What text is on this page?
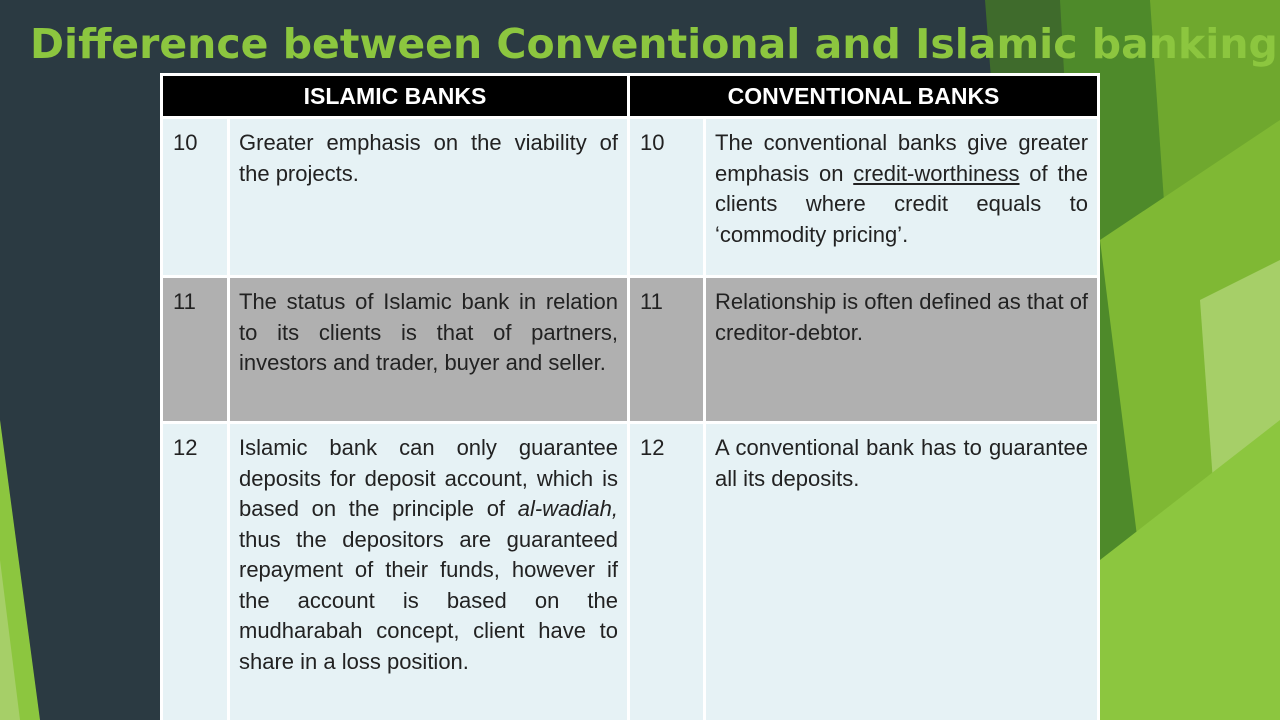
Difference between Conventional and Islamic banking
ISLAMIC BANKS		CONVENTIONAL BANKS	
10	Greater emphasis on the viability of the projects.	10	The conventional banks give greater emphasis on credit-worthiness of the clients where credit equals to ‘commodity pricing’.
11	The status of Islamic bank in relation to its clients is that of partners, investors and trader, buyer and seller.	11	Relationship is often defined as that of creditor-debtor.
12	Islamic bank can only guarantee deposits for deposit account, which is based on the principle of al-wadiah, thus the depositors are guaranteed repayment of their funds, however if the account is based on the mudharabah concept, client have to share in a loss position.	12	A conventional bank has to guarantee all its deposits.
